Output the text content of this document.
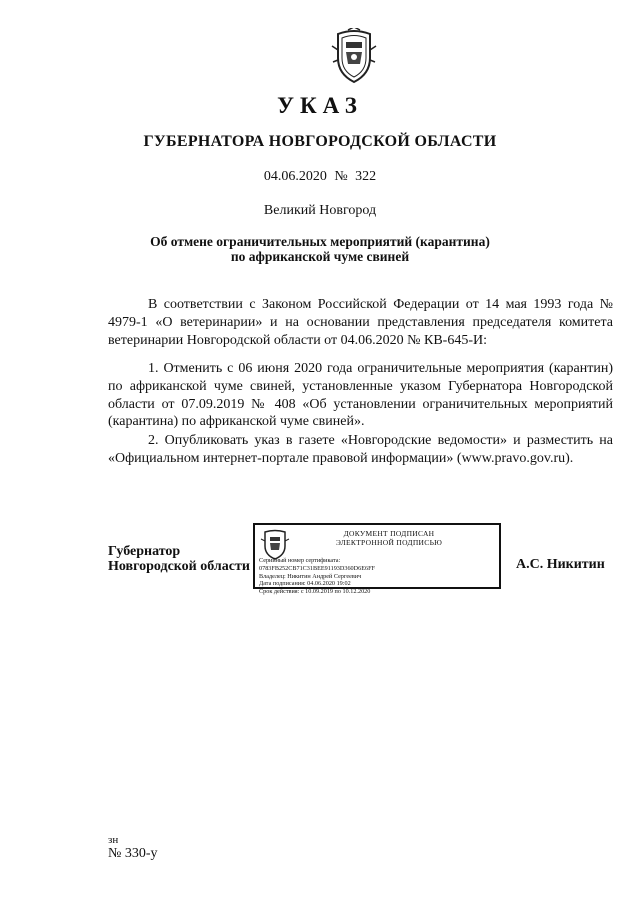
УКАЗ
ГУБЕРНАТОРА НОВГОРОДСКОЙ ОБЛАСТИ
04.06.2020 № 322
Великий Новгород
Об отмене ограничительных мероприятий (карантина)
по африканской чуме свиней
В соответствии с Законом Российской Федерации от 14 мая 1993 года № 4979-1 «О ветеринарии» и на основании представления председателя комитета ветеринарии Новгородской области от 04.06.2020 № КВ-645-И:
1. Отменить с 06 июня 2020 года ограничительные мероприятия (карантин) по африканской чуме свиней, установленные указом Губернатора Новгородской области от 07.09.2019 № 408 «Об установлении ограничительных мероприятий (карантина) по африканской чуме свиней».
2. Опубликовать указ в газете «Новгородские ведомости» и разместить на «Официальном интернет-портале правовой информации» (www.pravo.gov.ru).
Губернатор
Новгородской области
ДОКУМЕНТ ПОДПИСАН
ЭЛЕКТРОННОЙ ПОДПИСЬЮ
Серийный номер сертификата:
0783FB252CB71C31BEE91193D360D6E6FF
Владелец: Никитин Андрей Сергеевич
Дата подписания: 04.06.2020 19:02
Срок действия: с 10.09.2019 по 10.12.2020
А.С. Никитин
зн
№ 330-у
